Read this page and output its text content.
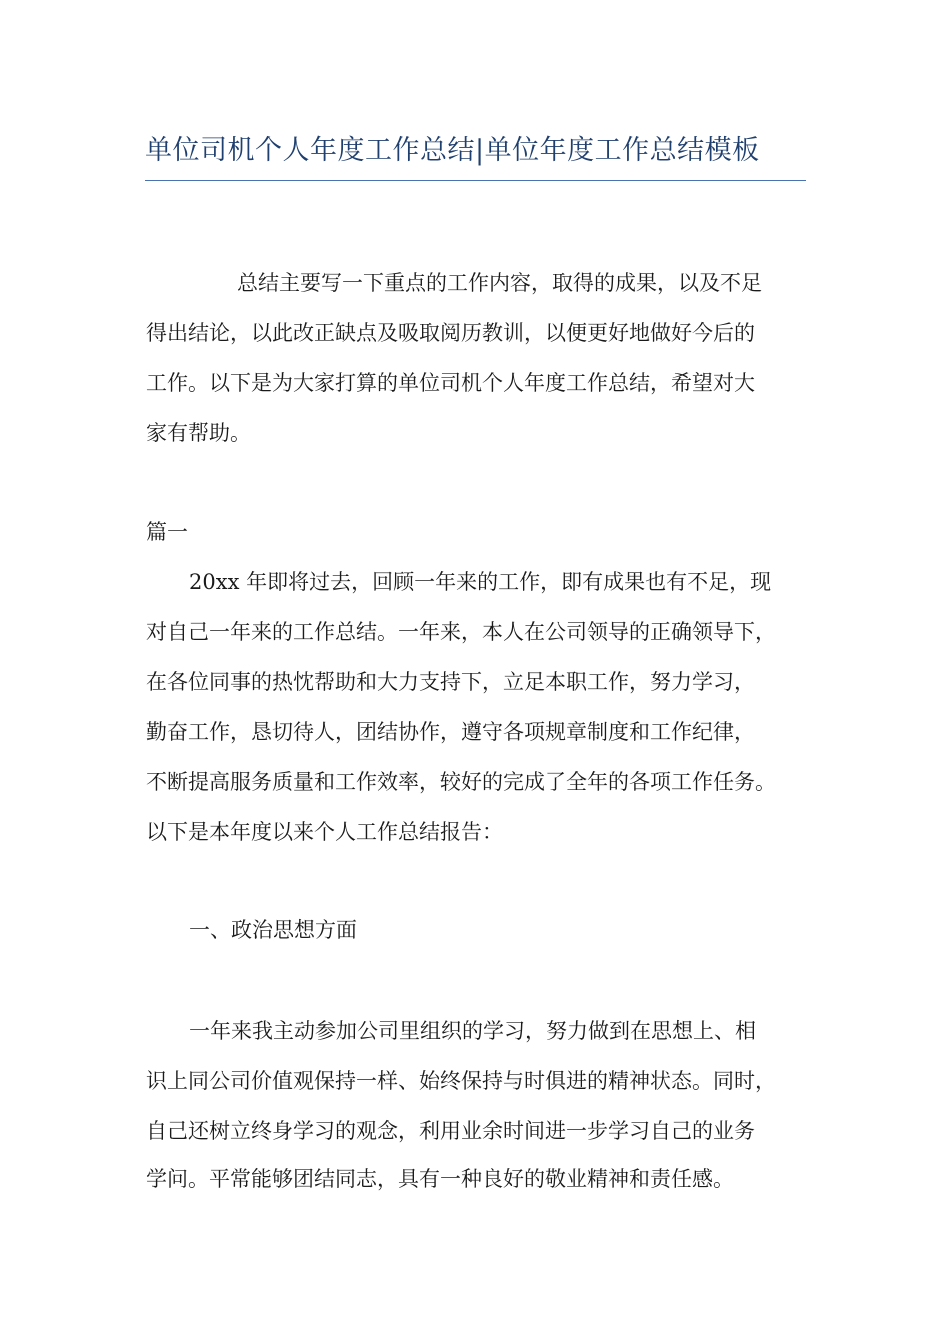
单位司机个人年度工作总结|单位年度工作总结模板

总结主要写一下重点的工作内容，取得的成果，以及不足

得出结论，以此改正缺点及吸取阅历教训，以便更好地做好今后的

工作。以下是为大家打算的单位司机个人年度工作总结，希望对大

家有帮助。

篇一

20xx 年即将过去，回顾一年来的工作，即有成果也有不足，现

对自己一年来的工作总结。一年来，本人在公司领导的正确领导下，

在各位同事的热忱帮助和大力支持下，立足本职工作，努力学习，

勤奋工作，恳切待人，团结协作，遵守各项规章制度和工作纪律，

不断提高服务质量和工作效率，较好的完成了全年的各项工作任务。

以下是本年度以来个人工作总结报告：

一、政治思想方面

一年来我主动参加公司里组织的学习，努力做到在思想上、相

识上同公司价值观保持一样、始终保持与时俱进的精神状态。同时，

自己还树立终身学习的观念，利用业余时间进一步学习自己的业务

学问。平常能够团结同志，具有一种良好的敬业精神和责任感。
